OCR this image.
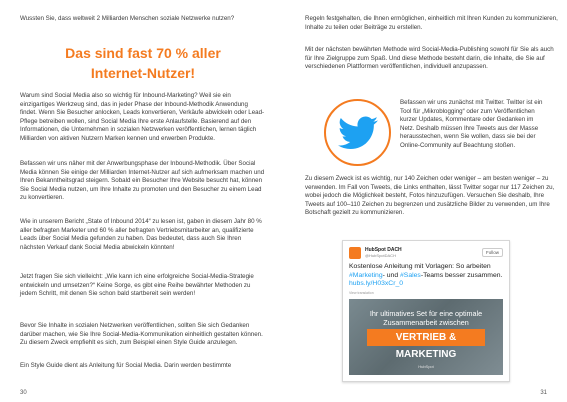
Wussten Sie, dass weltweit 2 Milliarden Menschen soziale Netzwerke nutzen?

Das sind fast 70 % aller

Internet-Nutzer!

Warum sind Social Media also so wichtig für Inbound-Marketing? Weil sie ein einzigartiges Werkzeug sind, das in jeder Phase der Inbound-Methodik Anwendung findet. Wenn Sie Besucher anlocken, Leads konvertieren, Verkäufe abwickeln oder Lead-Pflege betreiben wollen, sind Social Media Ihre erste Anlaufstelle. Basierend auf den Informationen, die Unternehmen in sozialen Netzwerken veröffentlichen, lernen täglich Milliarden von aktiven Nutzern Marken kennen und erwerben Produkte.

Befassen wir uns näher mit der Anwerbungsphase der Inbound-Methodik. Über Social Media können Sie einige der Milliarden Internet-Nutzer auf sich aufmerksam machen und Ihren Bekanntheitsgrad steigern. Sobald ein Besucher Ihre Website besucht hat, können Sie Social Media nutzen, um Ihre Inhalte zu promoten und den Besucher zu einem Lead zu konvertieren.

Wie in unserem Bericht „State of Inbound 2014“ zu lesen ist, gaben in diesem Jahr 80 % aller befragten Marketer und 60 % aller befragten Vertriebsmitarbeiter an, qualifizierte Leads über Social Media gefunden zu haben. Das bedeutet, dass auch Sie Ihren nächsten Verkauf dank Social Media abwickeln könnten!

Jetzt fragen Sie sich vielleicht: „Wie kann ich eine erfolgreiche Social-Media-Strategie entwickeln und umsetzen?“ Keine Sorge, es gibt eine Reihe bewährter Methoden zu jedem Schritt, mit denen Sie schon bald startbereit sein werden!

Bevor Sie Inhalte in sozialen Netzwerken veröffentlichen, sollten Sie sich Gedanken darüber machen, wie Sie Ihre Social-Media-Kommunikation einheitlich gestalten können. Zu diesem Zweck empfiehlt es sich, zum Beispiel einen Style Guide anzulegen.

Ein Style Guide dient als Anleitung für Social Media. Darin werden bestimmte

30

Regeln festgehalten, die Ihnen ermöglichen, einheitlich mit Ihren Kunden zu kommunizieren, Inhalte zu teilen oder Beiträge zu erstellen.

Mit der nächsten bewährten Methode wird Social-Media-Publishing sowohl für Sie als auch für Ihre Zielgruppe zum Spaß. Und diese Methode besteht darin, die Inhalte, die Sie auf verschiedenen Plattformen veröffentlichen, individuell anzupassen.

Zu diesem Zweck ist es wichtig, nur 140 Zeichen oder weniger – am besten weniger – zu verwenden. Im Fall von Tweets, die Links enthalten, lässt Twitter sogar nur 117 Zeichen zu, wobei jedoch die Möglichkeit besteht, Fotos hinzuzufügen. Versuchen Sie deshalb, Ihre Tweets auf 100–110 Zeichen zu begrenzen und zusätzliche Bilder zu verwenden, um Ihre Botschaft gezielt zu kommunizieren.

31

Befassen wir uns zunächst mit Twitter. Twitter ist ein Tool für „Mikroblogging“ oder zum Veröffentlichen kurzer Updates, Kommentare oder Gedanken im Netz. Deshalb müssen Ihre Tweets aus der Masse herausstechen, wenn Sie wollen, dass sie bei der Online-Community auf Beachtung stoßen.

HubSpot DACH
@HubSpotDACH
Follow
Kostenlose Anleitung mit Vorlagen: So arbeiten #Marketing- und #Sales-Teams besser zusammen. hubs.ly/H03xCr_0
View translation
Ihr ultimatives Set für eine optimale
Zusammenarbeit zwischen
VERTRIEB & MARKETING
HubSpot
